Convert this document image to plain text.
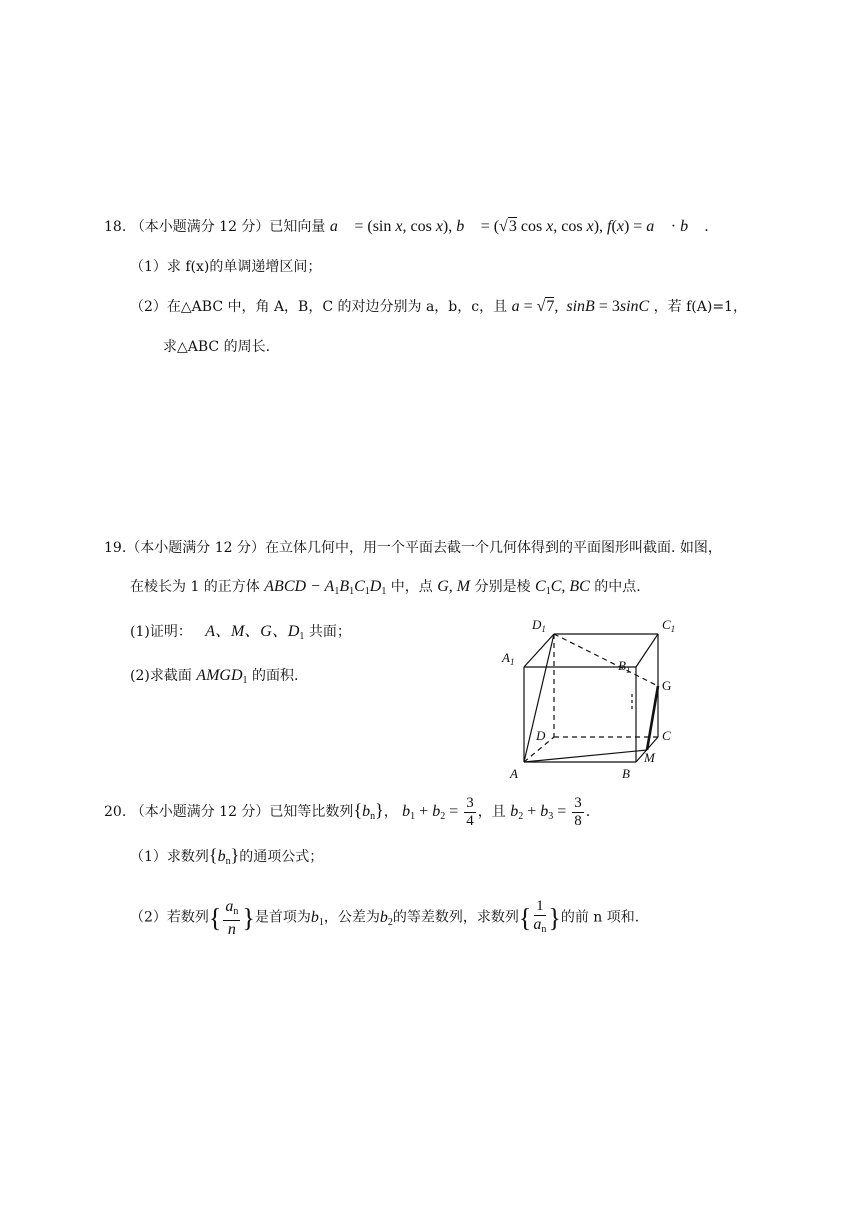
18. （本小题满分 12 分）已知向量 a⃗ = (sin x, cos x), b⃗ = (√3 cos x, cos x), f(x) = a⃗ · b⃗ .
（1）求 f(x)的单调递增区间；
（2）在△ABC 中，角 A，B，C 的对边分别为 a，b，c，且 a = √7,  sinB = 3sinC ，若 f(A)=1，
求△ABC 的周长.
19.（本小题满分 12 分）在立体几何中，用一个平面去截一个几何体得到的平面图形叫截面. 如图，
在棱长为 1 的正方体 ABCD − $A_1B_1C_1D_1$ 中，点 G, M 分别是棱 $C_1C$, BC 的中点.
(1)证明： A、M、G、$D_1$ 共面；
(2)求截面 $AMGD_1$ 的面积.
$D_1$	$C_1$
$A_1$	$B_1$
G
D	C
A	B
M
20. （本小题满分 12 分）已知等比数列$\{b_n\}$， $b_1 + b_2 = \frac{3}{4}$ ，且 $b_2 + b_3 = \frac{3}{8}$ .
（1）求数列$\{b_n\}$的通项公式；
（2）若数列{ $\frac{a_n}{n}$ }是首项为$b_1$，公差为$b_2$的等差数列，求数列{ $\frac{1}{a_n}$ }的前 n 项和.
